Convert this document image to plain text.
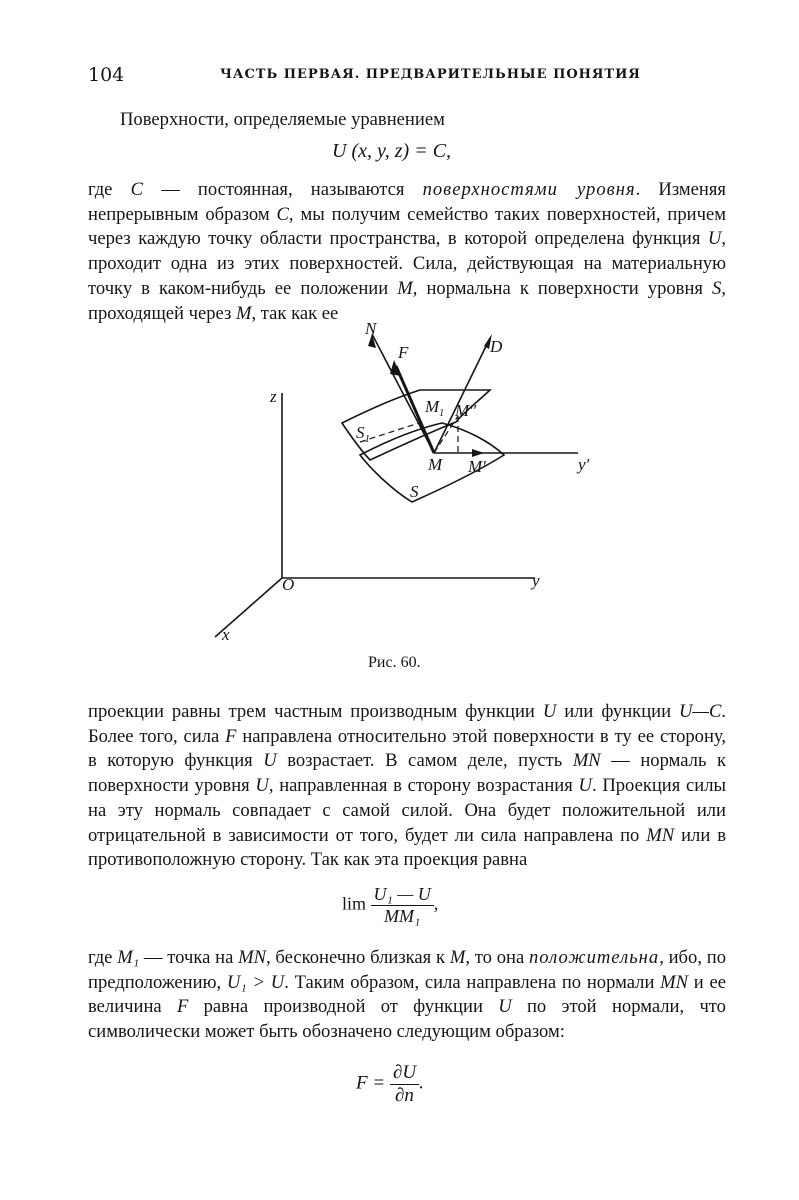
104	ЧАСТЬ ПЕРВАЯ. ПРЕДВАРИТЕЛЬНЫЕ ПОНЯТИЯ

Поверхности, определяемые уравнением

U (x, y, z) = C,

где C — постоянная, называются поверхностями уровня. Изменяя непрерывным образом C, мы получим семейство таких поверхностей, причем через каждую точку области пространства, в которой определена функция U, проходит одна из этих поверхностей. Сила, действующая на материальную точку в каком-нибудь ее положении M, нормальна к поверхности уровня S, проходящей через M, так как ее

z
O	y
x
N
F	D
$S_1$
S
$M_1$ M″
M M′	y′
Рис. 60.

проекции равны трем частным производным функции U или функции U—C. Более того, сила F направлена относительно этой поверхности в ту ее сторону, в которую функция U возрастает. В самом деле, пусть MN — нормаль к поверхности уровня U, направленная в сторону возрастания U. Проекция силы на эту нормаль совпадает с самой силой. Она будет положительной или отрицательной в зависимости от того, будет ли сила направлена по MN или в противоположную сторону. Так как эта проекция равна

$\lim \frac{\text{U₁ — U}}{\text{MM₁}}$ ,

где M₁ — точка на MN, бесконечно близкая к M, то она положительна, ибо, по предположению, U₁ > U. Таким образом, сила направлена по нормали MN и ее величина F равна производной от функции U по этой нормали, что символически может быть обозначено следующим образом:

$F = \frac{\partial U}{\partial n}$ .
